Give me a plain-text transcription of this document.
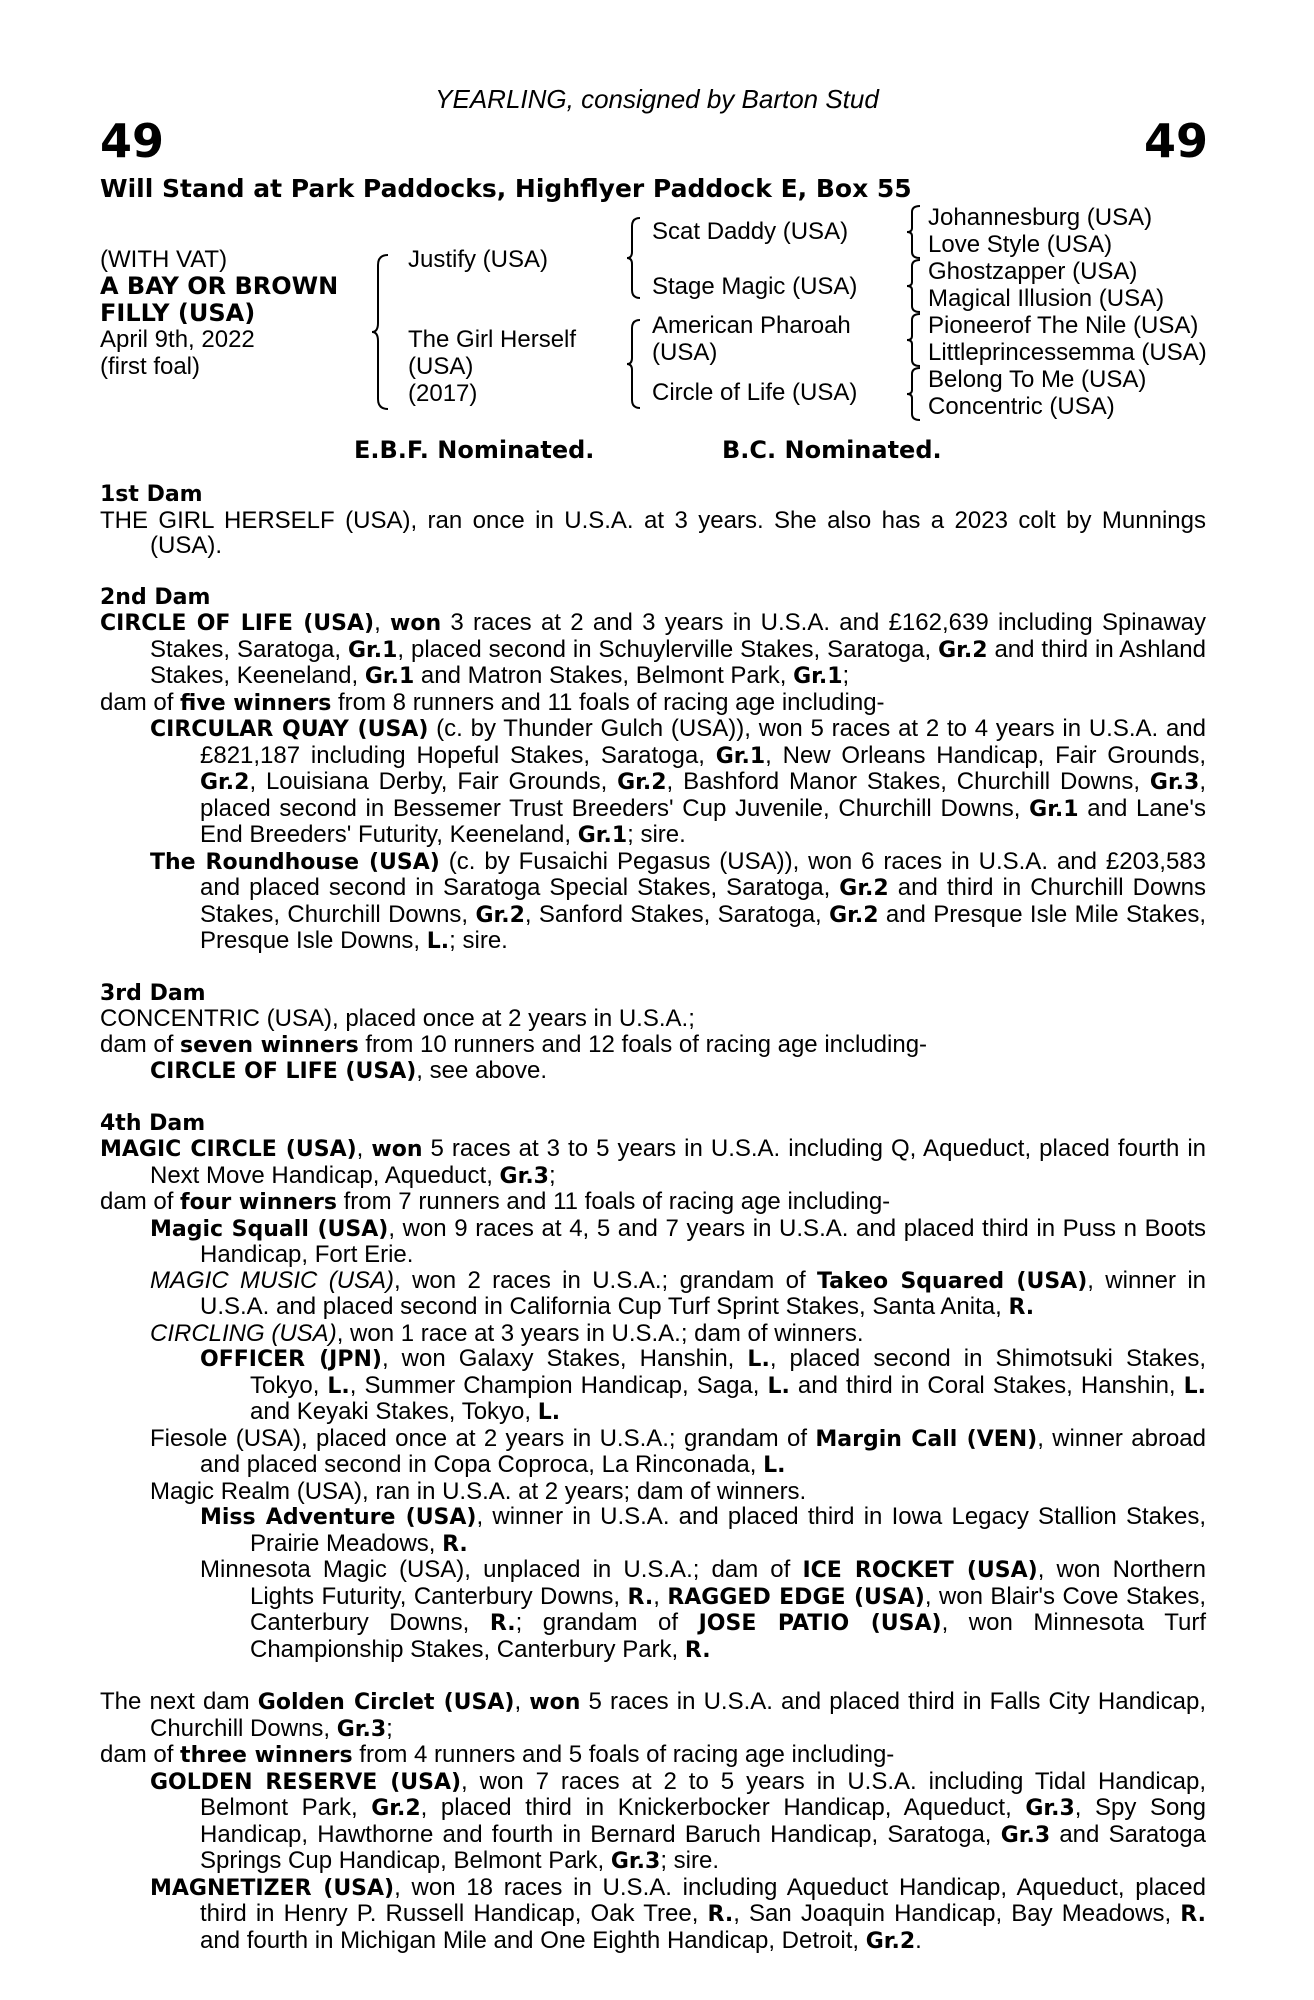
YEARLING, consigned by Barton Stud
49	49
Will Stand at Park Paddocks, Highflyer Paddock E, Box 55
(WITH VAT)
A BAY OR BROWN
FILLY (USA)
April 9th, 2022
(first foal)
Justify (USA)
The Girl Herself
(USA)
(2017)
Scat Daddy (USA)
Stage Magic (USA)
American Pharoah
(USA)
Circle of Life (USA)
Johannesburg (USA)
Love Style (USA)
Ghostzapper (USA)
Magical Illusion (USA)
Pioneerof The Nile (USA)
Littleprincessemma (USA)
Belong To Me (USA)
Concentric (USA)
E.B.F. Nominated.	B.C. Nominated.

1st Dam

THE GIRL HERSELF (USA), ran once in U.S.A. at 3 years. She also has a 2023 colt by Munnings (USA).

2nd Dam

CIRCLE OF LIFE (USA), won 3 races at 2 and 3 years in U.S.A. and £162,639 including Spinaway Stakes, Saratoga, Gr.1, placed second in Schuylerville Stakes, Saratoga, Gr.2 and third in Ashland Stakes, Keeneland, Gr.1 and Matron Stakes, Belmont Park, Gr.1;

dam of five winners from 8 runners and 11 foals of racing age including-

CIRCULAR QUAY (USA) (c. by Thunder Gulch (USA)), won 5 races at 2 to 4 years in U.S.A. and £821,187 including Hopeful Stakes, Saratoga, Gr.1, New Orleans Handicap, Fair Grounds, Gr.2, Louisiana Derby, Fair Grounds, Gr.2, Bashford Manor Stakes, Churchill Downs, Gr.3, placed second in Bessemer Trust Breeders' Cup Juvenile, Churchill Downs, Gr.1 and Lane's End Breeders' Futurity, Keeneland, Gr.1; sire.

The Roundhouse (USA) (c. by Fusaichi Pegasus (USA)), won 6 races in U.S.A. and £203,583 and placed second in Saratoga Special Stakes, Saratoga, Gr.2 and third in Churchill Downs Stakes, Churchill Downs, Gr.2, Sanford Stakes, Saratoga, Gr.2 and Presque Isle Mile Stakes, Presque Isle Downs, L.; sire.

3rd Dam

CONCENTRIC (USA), placed once at 2 years in U.S.A.;

dam of seven winners from 10 runners and 12 foals of racing age including-

CIRCLE OF LIFE (USA), see above.

4th Dam

MAGIC CIRCLE (USA), won 5 races at 3 to 5 years in U.S.A. including Q, Aqueduct, placed fourth in Next Move Handicap, Aqueduct, Gr.3;

dam of four winners from 7 runners and 11 foals of racing age including-

Magic Squall (USA), won 9 races at 4, 5 and 7 years in U.S.A. and placed third in Puss n Boots Handicap, Fort Erie.

MAGIC MUSIC (USA), won 2 races in U.S.A.; grandam of Takeo Squared (USA), winner in U.S.A. and placed second in California Cup Turf Sprint Stakes, Santa Anita, R.

CIRCLING (USA), won 1 race at 3 years in U.S.A.; dam of winners.

OFFICER (JPN), won Galaxy Stakes, Hanshin, L., placed second in Shimotsuki Stakes, Tokyo, L., Summer Champion Handicap, Saga, L. and third in Coral Stakes, Hanshin, L. and Keyaki Stakes, Tokyo, L.

Fiesole (USA), placed once at 2 years in U.S.A.; grandam of Margin Call (VEN), winner abroad and placed second in Copa Coproca, La Rinconada, L.

Magic Realm (USA), ran in U.S.A. at 2 years; dam of winners.

Miss Adventure (USA), winner in U.S.A. and placed third in Iowa Legacy Stallion Stakes, Prairie Meadows, R.

Minnesota Magic (USA), unplaced in U.S.A.; dam of ICE ROCKET (USA), won Northern Lights Futurity, Canterbury Downs, R., RAGGED EDGE (USA), won Blair's Cove Stakes, Canterbury Downs, R.; grandam of JOSE PATIO (USA), won Minnesota Turf Championship Stakes, Canterbury Park, R.

The next dam Golden Circlet (USA), won 5 races in U.S.A. and placed third in Falls City Handicap, Churchill Downs, Gr.3;

dam of three winners from 4 runners and 5 foals of racing age including-

GOLDEN RESERVE (USA), won 7 races at 2 to 5 years in U.S.A. including Tidal Handicap, Belmont Park, Gr.2, placed third in Knickerbocker Handicap, Aqueduct, Gr.3, Spy Song Handicap, Hawthorne and fourth in Bernard Baruch Handicap, Saratoga, Gr.3 and Saratoga Springs Cup Handicap, Belmont Park, Gr.3; sire.

MAGNETIZER (USA), won 18 races in U.S.A. including Aqueduct Handicap, Aqueduct, placed third in Henry P. Russell Handicap, Oak Tree, R., San Joaquin Handicap, Bay Meadows, R. and fourth in Michigan Mile and One Eighth Handicap, Detroit, Gr.2.
